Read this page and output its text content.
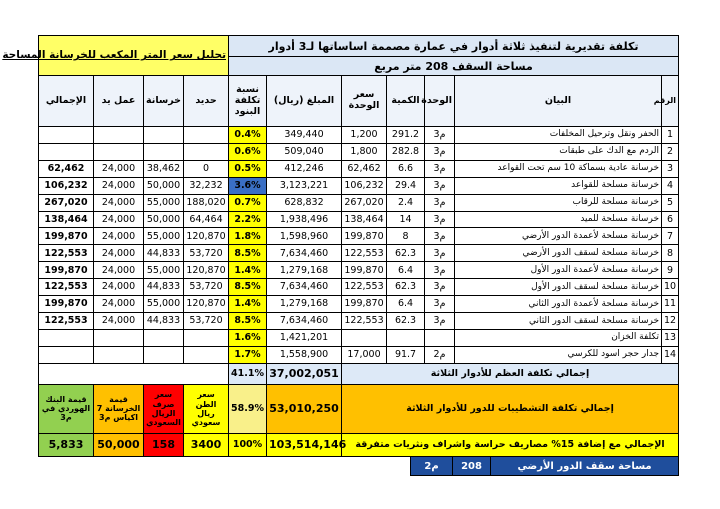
تحليل سعر المتر المكعب للخرسانة المساحة				تكلفة تقديرية لتنفيذ ثلاثة أدوار في عمارة مصممة اساساتها لـ3 أدوار						
				مساحة السقف 208 متر مربع						
الإجمالي	عمل يد	خرسانة	حديد	نسبة تكلفة البنود	المبلغ (ريال)	سعر الوحدة	الكمية	الوحدة	البيان	الرقم
				0.4%	349,440	1,200	291.2	م3	الحفر ونقل وترحيل المخلفات	1
				0.6%	509,040	1,800	282.8	م3	الردم مع الدك على طبقات	2
62,462	24,000	38,462	0	0.5%	412,246	62,462	6.6	م3	خرسانة عادية بسماكة 10 سم تحت القواعد	3
106,232	24,000	50,000	32,232	3.6%	3,123,221	106,232	29.4	م3	خرسانة مسلحة للقواعد	4
267,020	24,000	55,000	188,020	0.7%	628,832	267,020	2.4	م3	خرسانة مسلحة للرقاب	5
138,464	24,000	50,000	64,464	2.2%	1,938,496	138,464	14	م3	خرسانة مسلحة للميد	6
199,870	24,000	55,000	120,870	1.8%	1,598,960	199,870	8	م3	خرسانة مسلحة لأعمدة الدور الأرضي	7
122,553	24,000	44,833	53,720	8.5%	7,634,460	122,553	62.3	م3	خرسانة مسلحة لسقف الدور الأرضي	8
199,870	24,000	55,000	120,870	1.4%	1,279,168	199,870	6.4	م3	خرسانة مسلحة لأعمدة الدور الأول	9
122,553	24,000	44,833	53,720	8.5%	7,634,460	122,553	62.3	م3	خرسانة مسلحة لسقف الدور الأول	10
199,870	24,000	55,000	120,870	1.4%	1,279,168	199,870	6.4	م3	خرسانة مسلحة لأعمدة الدور الثاني	11
122,553	24,000	44,833	53,720	8.5%	7,634,460	122,553	62.3	م3	خرسانة مسلحة لسقف الدور الثاني	12
				1.6%	1,421,201				تكلفة الخزان	13
				1.7%	1,558,900	17,000	91.7	م2	جدار حجر اسود للكرسي	14
				41.1%	37,002,051	إجمالي تكلفة العظم للأدوار الثلاثة				
قيمة البنك الهوردي في م3	قيمة الخرسانة 7 اكياس م3	سعر صرف الريال السعودي	سعر الطن ريال سعودي	58.9%	53,010,250	إجمالي تكلفة التشطيبات للدور للأدوار الثلاثة				
5,833	50,000	158	3400	100%	103,514,146	الإجمالي مع إضافة 15% مصاريف حراسة واشراف ونثريات متفرقة				
م2	208	مساحة سقف الدور الأرضي
